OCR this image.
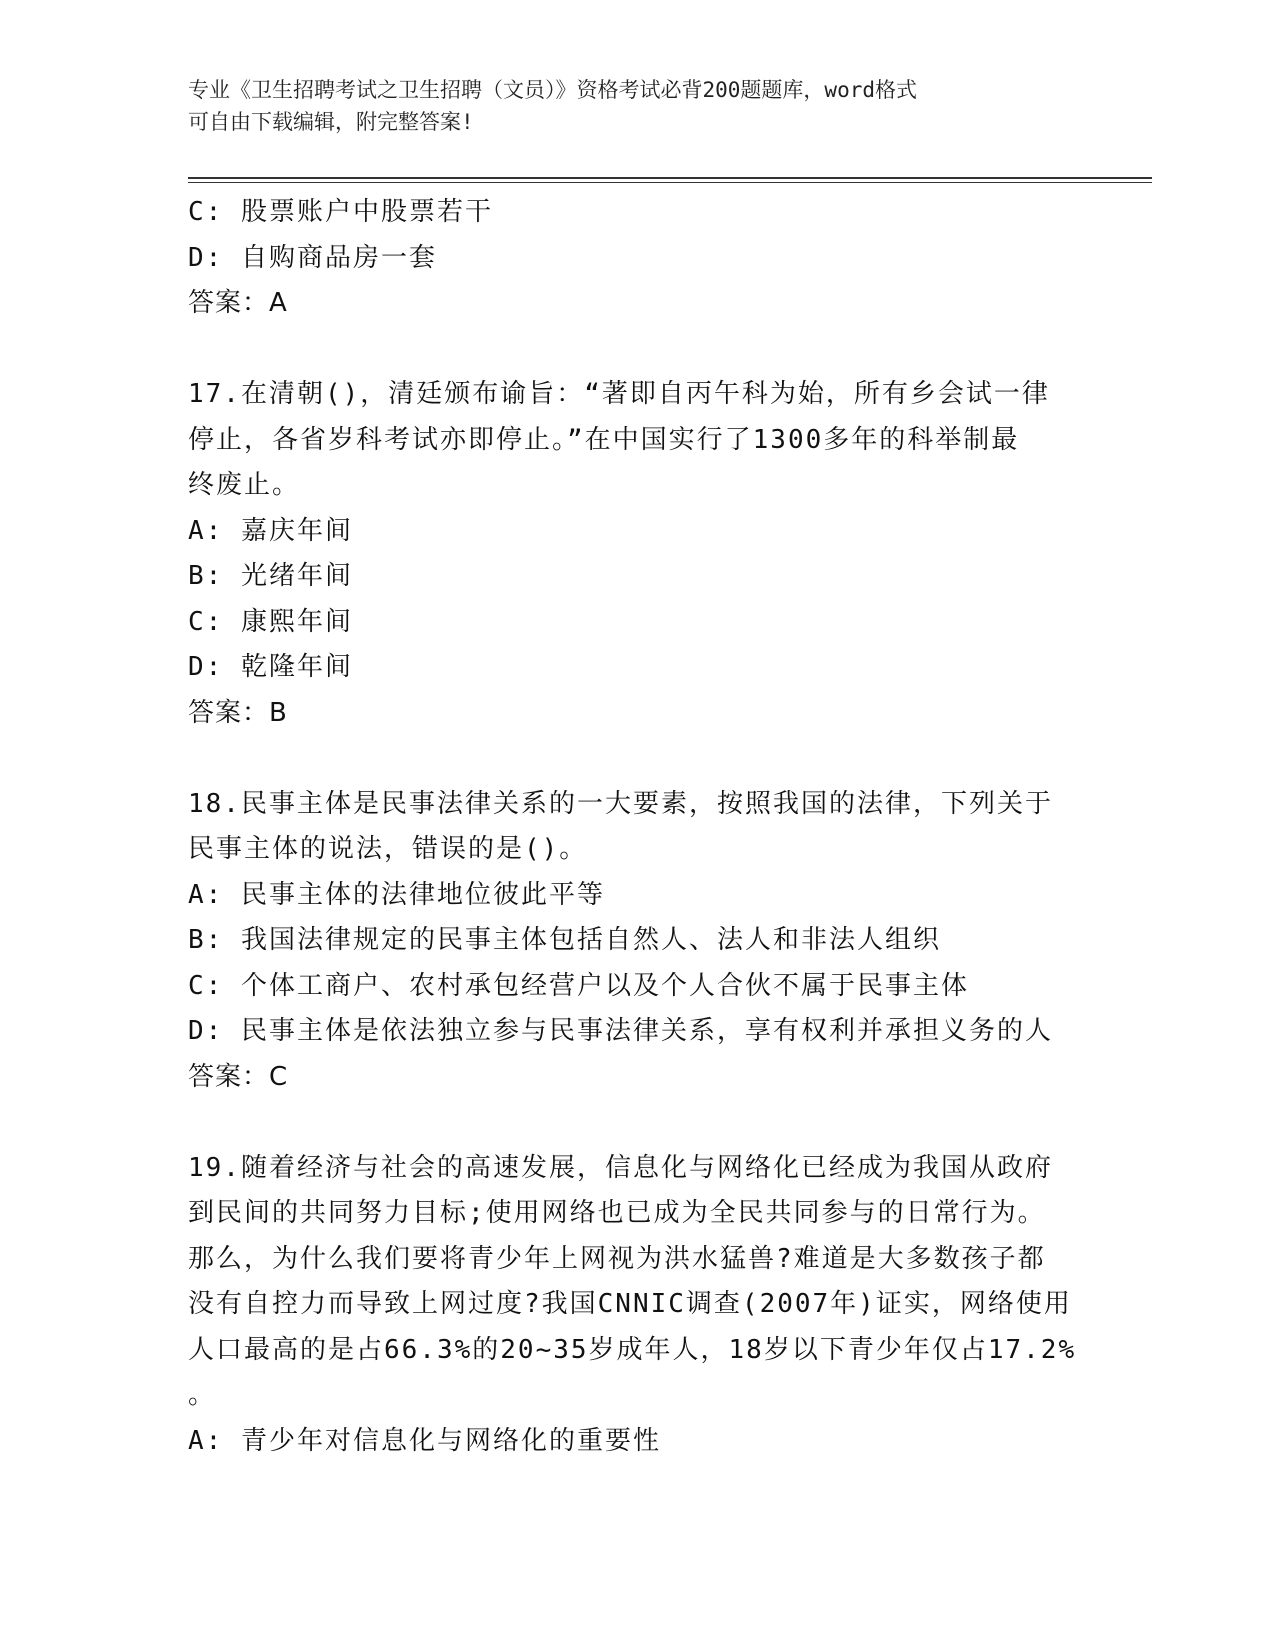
专业《卫生招聘考试之卫生招聘（文员）》资格考试必背200题题库，word格式
可自由下载编辑，附完整答案!
C: 股票账户中股票若干
D: 自购商品房一套
答案：A
17.在清朝()，清廷颁布谕旨：“著即自丙午科为始，所有乡会试一律
停止，各省岁科考试亦即停止。”在中国实行了1300多年的科举制最
终废止。
A: 嘉庆年间
B: 光绪年间
C: 康熙年间
D: 乾隆年间
答案：B
18.民事主体是民事法律关系的一大要素，按照我国的法律，下列关于
民事主体的说法，错误的是()。
A: 民事主体的法律地位彼此平等
B: 我国法律规定的民事主体包括自然人、法人和非法人组织
C: 个体工商户、农村承包经营户以及个人合伙不属于民事主体
D: 民事主体是依法独立参与民事法律关系，享有权利并承担义务的人
答案：C
19.随着经济与社会的高速发展，信息化与网络化已经成为我国从政府
到民间的共同努力目标;使用网络也已成为全民共同参与的日常行为。
那么，为什么我们要将青少年上网视为洪水猛兽?难道是大多数孩子都
没有自控力而导致上网过度?我国CNNIC调查(2007年)证实，网络使用
人口最高的是占66.3%的20~35岁成年人，18岁以下青少年仅占17.2%
。
A: 青少年对信息化与网络化的重要性
